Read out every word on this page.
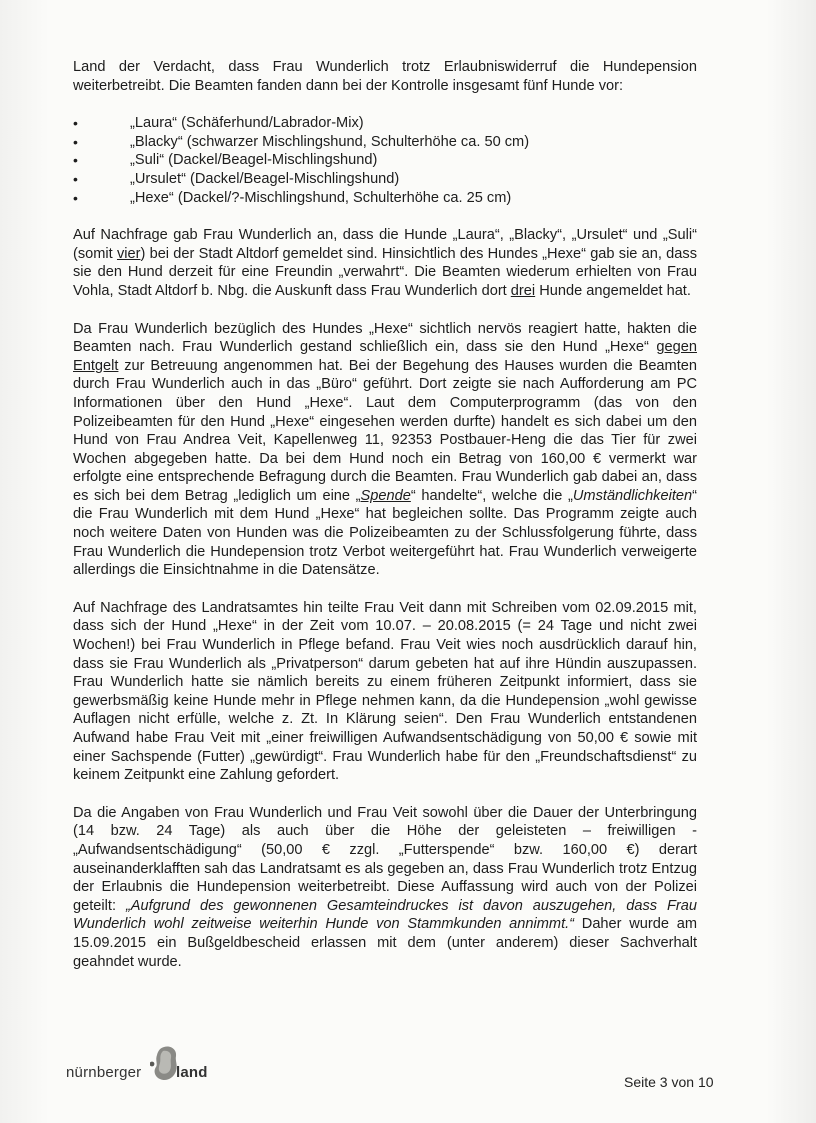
Land der Verdacht, dass Frau Wunderlich trotz Erlaubniswiderruf die Hundepension weiterbetreibt. Die Beamten fanden dann bei der Kontrolle insgesamt fünf Hunde vor:

• „Laura“ (Schäferhund/Labrador-Mix)
• „Blacky“ (schwarzer Mischlingshund, Schulterhöhe ca. 50 cm)
• „Suli“ (Dackel/Beagel-Mischlingshund)
• „Ursulet“ (Dackel/Beagel-Mischlingshund)
• „Hexe“ (Dackel/?-Mischlingshund, Schulterhöhe ca. 25 cm)

Auf Nachfrage gab Frau Wunderlich an, dass die Hunde „Laura“, „Blacky“, „Ursulet“ und „Suli“ (somit vier) bei der Stadt Altdorf gemeldet sind. Hinsichtlich des Hundes „Hexe“ gab sie an, dass sie den Hund derzeit für eine Freundin „verwahrt“. Die Beamten wiederum erhielten von Frau Vohla, Stadt Altdorf b. Nbg. die Auskunft dass Frau Wunderlich dort drei Hunde angemeldet hat.

Da Frau Wunderlich bezüglich des Hundes „Hexe“ sichtlich nervös reagiert hatte, hakten die Beamten nach. Frau Wunderlich gestand schließlich ein, dass sie den Hund „Hexe“ gegen Entgelt zur Betreuung angenommen hat. Bei der Begehung des Hauses wurden die Beamten durch Frau Wunderlich auch in das „Büro“ geführt. Dort zeigte sie nach Aufforderung am PC Informationen über den Hund „Hexe“. Laut dem Computerprogramm (das von den Polizeibeamten für den Hund „Hexe“ eingesehen werden durfte) handelt es sich dabei um den Hund von Frau Andrea Veit, Kapellenweg 11, 92353 Postbauer-Heng die das Tier für zwei Wochen abgegeben hatte. Da bei dem Hund noch ein Betrag von 160,00 € vermerkt war erfolgte eine entsprechende Befragung durch die Beamten. Frau Wunderlich gab dabei an, dass es sich bei dem Betrag „lediglich um eine „Spende“ handelte“, welche die „Umständlichkeiten“ die Frau Wunderlich mit dem Hund „Hexe“ hat begleichen sollte. Das Programm zeigte auch noch weitere Daten von Hunden was die Polizeibeamten zu der Schlussfolgerung führte, dass Frau Wunderlich die Hundepension trotz Verbot weitergeführt hat. Frau Wunderlich verweigerte allerdings die Einsichtnahme in die Datensätze.

Auf Nachfrage des Landratsamtes hin teilte Frau Veit dann mit Schreiben vom 02.09.2015 mit, dass sich der Hund „Hexe“ in der Zeit vom 10.07. – 20.08.2015 (= 24 Tage und nicht zwei Wochen!) bei Frau Wunderlich in Pflege befand. Frau Veit wies noch ausdrücklich darauf hin, dass sie Frau Wunderlich als „Privatperson“ darum gebeten hat auf ihre Hündin auszupassen. Frau Wunderlich hatte sie nämlich bereits zu einem früheren Zeitpunkt informiert, dass sie gewerbsmäßig keine Hunde mehr in Pflege nehmen kann, da die Hundepension „wohl gewisse Auflagen nicht erfülle, welche z. Zt. In Klärung seien“. Den Frau Wunderlich entstandenen Aufwand habe Frau Veit mit „einer freiwilligen Aufwandsentschädigung von 50,00 € sowie mit einer Sachspende (Futter) „gewürdigt“. Frau Wunderlich habe für den „Freundschaftsdienst“ zu keinem Zeitpunkt eine Zahlung gefordert.

Da die Angaben von Frau Wunderlich und Frau Veit sowohl über die Dauer der Unterbringung (14 bzw. 24 Tage) als auch über die Höhe der geleisteten – freiwilligen - „Aufwandsentschädigung“ (50,00 € zzgl. „Futterspende“ bzw. 160,00 €) derart auseinanderklafften sah das Landratsamt es als gegeben an, dass Frau Wunderlich trotz Entzug der Erlaubnis die Hundepension weiterbetreibt. Diese Auffassung wird auch von der Polizei geteilt: „Aufgrund des gewonnenen Gesamteindruckes ist davon auszugehen, dass Frau Wunderlich wohl zeitweise weiterhin Hunde von Stammkunden annimmt.“ Daher wurde am 15.09.2015 ein Bußgeldbescheid erlassen mit dem (unter anderem) dieser Sachverhalt geahndet wurde.

nürnberger land
Seite 3 von 10
